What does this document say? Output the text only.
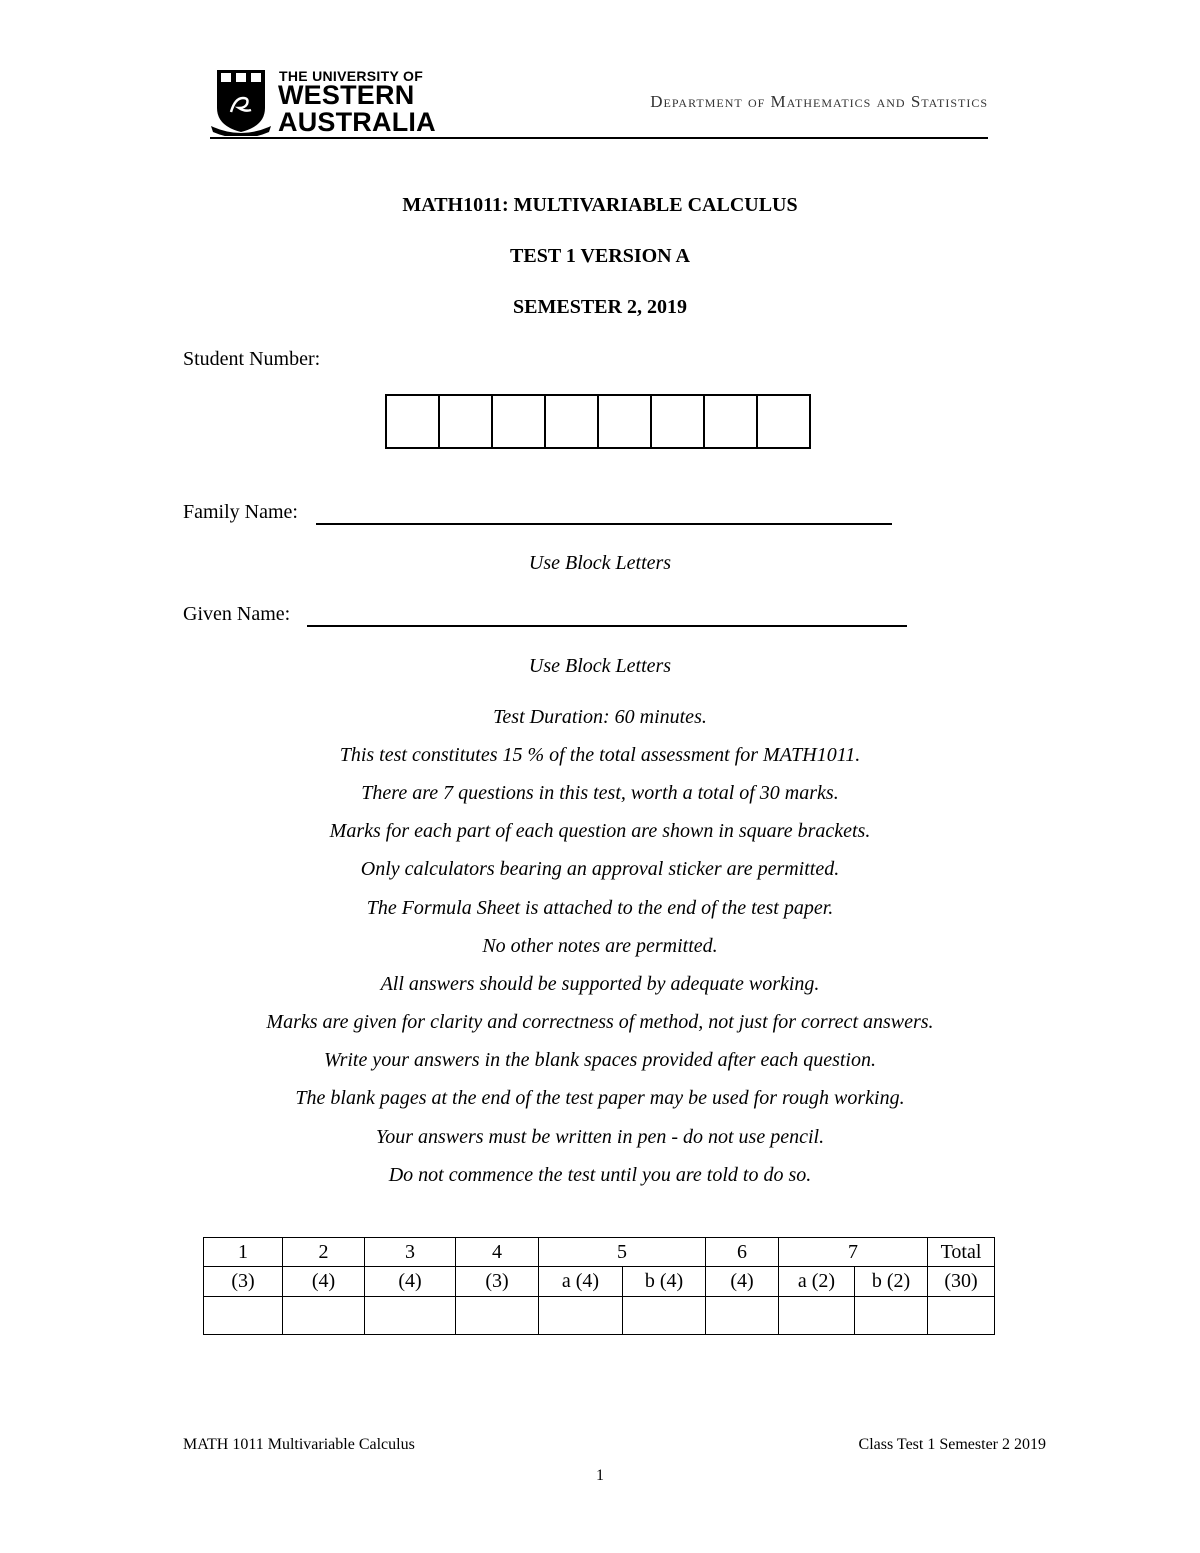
THE UNIVERSITY OF
WESTERN
AUSTRALIA
Department of Mathematics and Statistics
MATH1011: MULTIVARIABLE CALCULUS
TEST 1 VERSION A
SEMESTER 2, 2019
Student Number:
Family Name:
Use Block Letters
Given Name:
Use Block Letters
Test Duration: 60 minutes.
This test constitutes 15 % of the total assessment for MATH1011.
There are 7 questions in this test, worth a total of 30 marks.
Marks for each part of each question are shown in square brackets.
Only calculators bearing an approval sticker are permitted.
The Formula Sheet is attached to the end of the test paper.
No other notes are permitted.
All answers should be supported by adequate working.
Marks are given for clarity and correctness of method, not just for correct answers.
Write your answers in the blank spaces provided after each question.
The blank pages at the end of the test paper may be used for rough working.
Your answers must be written in pen - do not use pencil.
Do not commence the test until you are told to do so.
1	2	3	4	5		6	7		Total
(3)	(4)	(4)	(3)	a (4)	b (4)	(4)	a (2)	b (2)	(30)

MATH 1011 Multivariable Calculus	Class Test 1 Semester 2 2019
1
